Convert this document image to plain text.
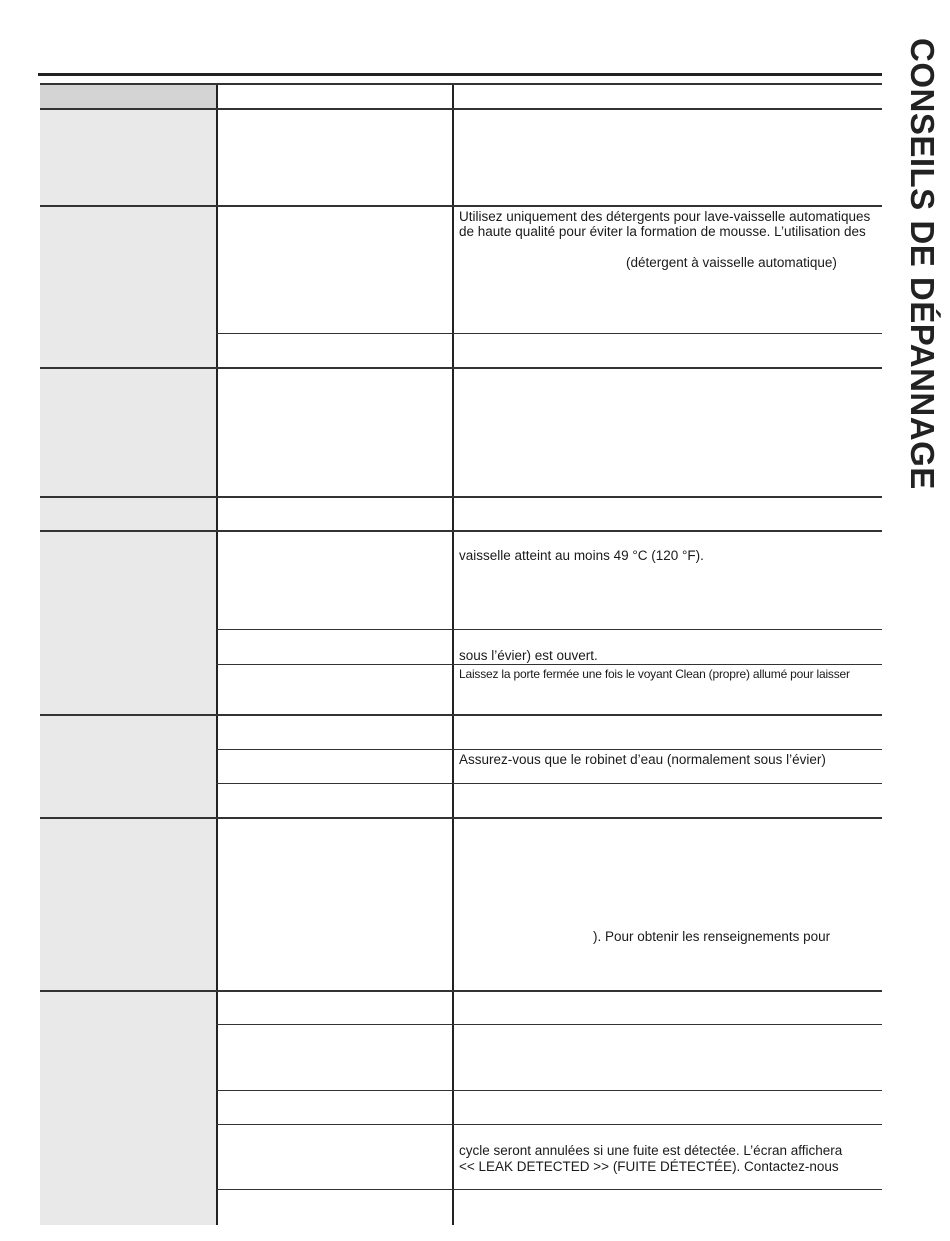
CONSEILS DE DÉPANNAGE
Utilisez uniquement des détergents pour lave-vaisselle automatiques
de haute qualité pour éviter la formation de mousse. L’utilisation des
(détergent à vaisselle automatique)
vaisselle atteint au moins 49 °C (120 °F).
sous l’évier) est ouvert.
Laissez la porte fermée une fois le voyant Clean (propre) allumé pour laisser
Assurez-vous que le robinet d’eau (normalement sous l’évier)
). Pour obtenir les renseignements pour
cycle seront annulées si une fuite est détectée. L’écran affichera
<< LEAK DETECTED >> (FUITE DÉTECTÉE). Contactez-nous
